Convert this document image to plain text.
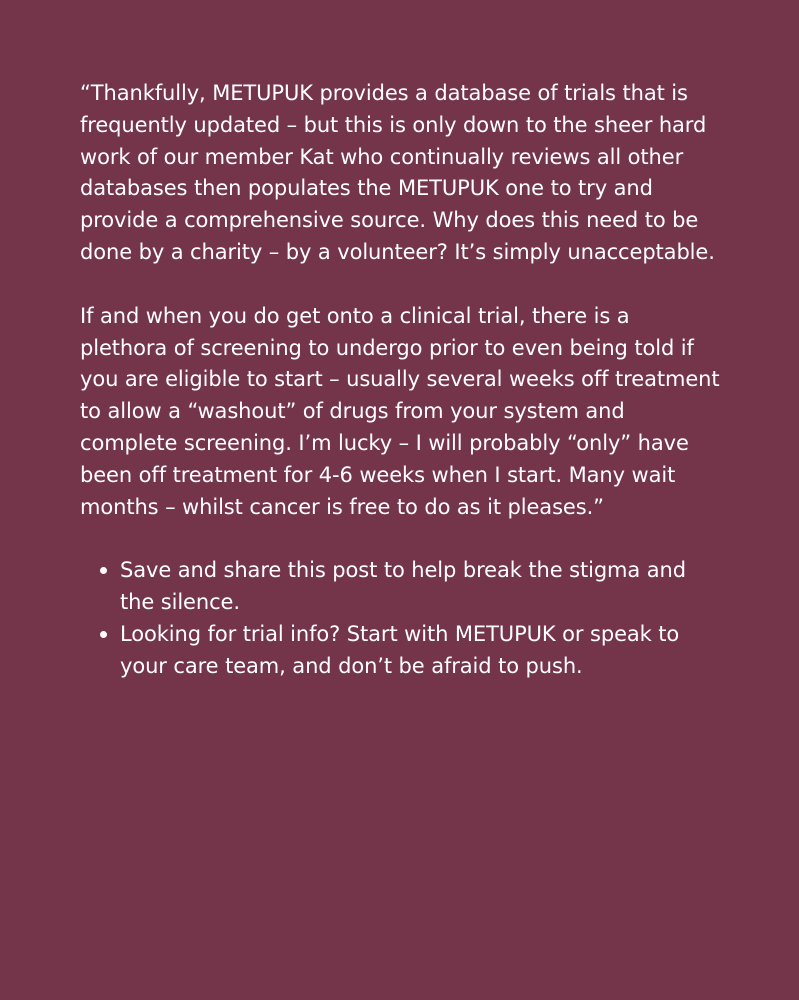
“Thankfully, METUPUK provides a database of trials that is frequently updated – but this is only down to the sheer hard work of our member Kat who continually reviews all other databases then populates the METUPUK one to try and provide a comprehensive source. Why does this need to be done by a charity – by a volunteer? It’s simply unacceptable.

If and when you do get onto a clinical trial, there is a plethora of screening to undergo prior to even being told if you are eligible to start – usually several weeks off treatment to allow a “washout” of drugs from your system and complete screening. I’m lucky – I will probably “only” have been off treatment for 4-6 weeks when I start. Many wait months – whilst cancer is free to do as it pleases.”

Save and share this post to help break the stigma and the silence.
Looking for trial info? Start with METUPUK or speak to your care team, and don’t be afraid to push.
